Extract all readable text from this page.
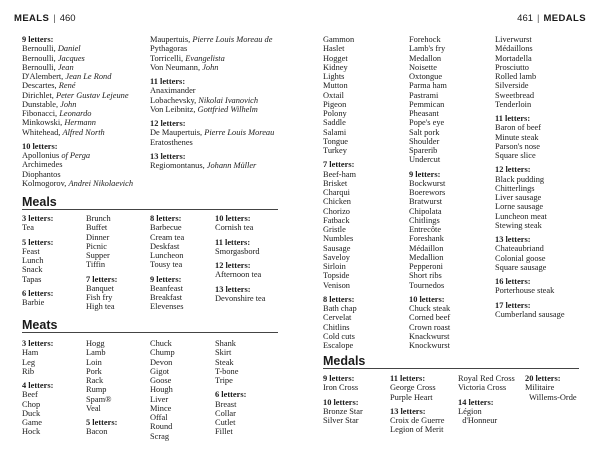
MEALS | 460	461 | MEDALS
9 letters:
Bernoulli, Daniel
Bernoulli, Jacques
Bernoulli, Jean
D'Alembert, Jean Le Rond
Descartes, René
Dirichlet, Peter Gustav Lejeune
Dunstable, John
Fibonacci, Leonardo
Minkowski, Hermann
Whitehead, Alfred North
10 letters:
Apollonius of Perga
Archimedes
Diophantos
Kolmogorov, Andrei Nikolaevich
Maupertuis, Pierre Louis Moreau de
Pythagoras
Torricelli, Evangelista
Von Neumann, John
11 letters:
Anaximander
Lobachevsky, Nikolai Ivanovich
Von Leibnitz, Gottfried Wilhelm
12 letters:
De Maupertuis, Pierre Louis Moreau
Eratosthenes
13 letters:
Regiomontanus, Johann Müller
Meals
3 letters:
Tea
5 letters:
Feast
Lunch
Snack
Tapas
6 letters:
Barbie
Brunch
Buffet
Dinner
Picnic
Supper
Tiffin
7 letters:
Banquet
Fish fry
High tea
8 letters:
Barbecue
Cream tea
Deskfast
Luncheon
Tousy tea
9 letters:
Beanfeast
Breakfast
Elevenses
10 letters:
Cornish tea
11 letters:
Smorgasbord
12 letters:
Afternoon tea
13 letters:
Devonshire tea
Meats
3 letters:
Ham
Leg
Rib
4 letters:
Beef
Chop
Duck
Game
Hock
Hogg
Lamb
Loin
Pork
Rack
Rump
Spam®
Veal
5 letters:
Bacon
Chuck
Chump
Devon
Gigot
Goose
Hough
Liver
Mince
Offal
Round
Scrag
Shank
Skirt
Steak
T-bone
Tripe
6 letters:
Breast
Collar
Cutlet
Fillet
Gammon
Haslet
Hogget
Kidney
Lights
Mutton
Oxtail
Pigeon
Polony
Saddle
Salami
Tongue
Turkey
7 letters:
Beef-ham
Brisket
Charqui
Chicken
Chorizo
Fatback
Gristle
Numbles
Sausage
Saveloy
Sirloin
Topside
Venison
8 letters:
Bath chap
Cervelat
Chitlins
Cold cuts
Escalope
Forehock
Lamb's fry
Medallon
Noisette
Oxtongue
Parma ham
Pastrami
Pemmican
Pheasant
Pope's eye
Salt pork
Shoulder
Sparerib
Undercut
9 letters:
Bockwurst
Boerewors
Bratwurst
Chipolata
Chitlings
Entrecôte
Foreshank
Médaillon
Medallion
Pepperoni
Short ribs
Tournedos
10 letters:
Chuck steak
Corned beef
Crown roast
Knackwurst
Knockwurst
Liverwurst
Médaillons
Mortadella
Prosciutto
Rolled lamb
Silverside
Sweetbread
Tenderloin
11 letters:
Baron of beef
Minute steak
Parson's nose
Square slice
12 letters:
Black pudding
Chitterlings
Liver sausage
Lorne sausage
Luncheon meat
Stewing steak
13 letters:
Chateaubriand
Colonial goose
Square sausage
16 letters:
Porterhouse steak
17 letters:
Cumberland sausage
Medals
9 letters:
Iron Cross
10 letters:
Bronze Star
Silver Star
11 letters:
George Cross
Purple Heart
13 letters:
Croix de Guerre
Legion of Merit
Royal Red Cross
Victoria Cross
14 letters:
Légion
d'Honneur
20 letters:
Militaire
Willems-Orde
